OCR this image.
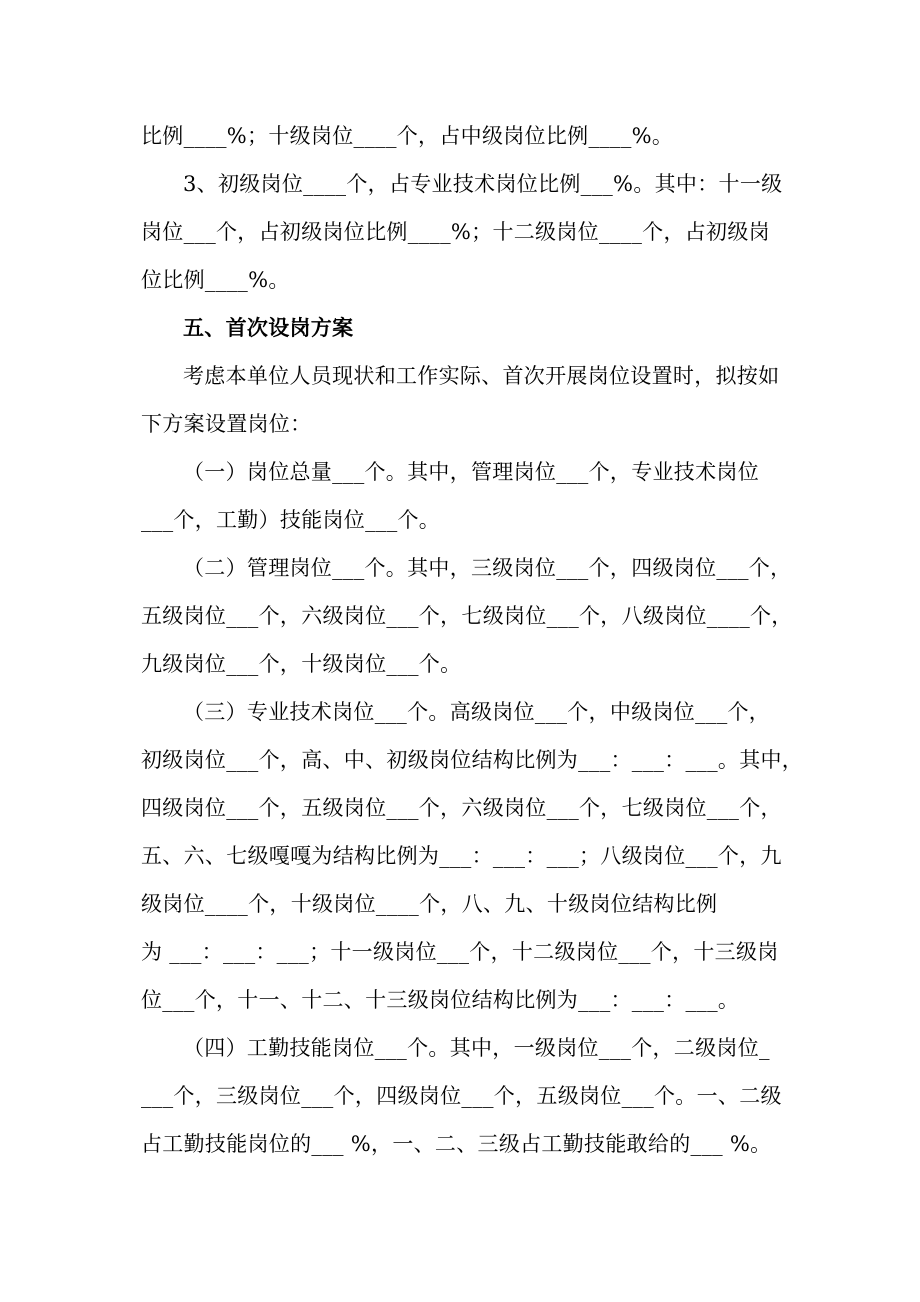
比例____%；十级岗位____个，占中级岗位比例____%。
3、初级岗位____个，占专业技术岗位比例___%。其中：十一级
岗位___个，占初级岗位比例____%；十二级岗位____个，占初级岗
位比例____%。
五、首次设岗方案
考虑本单位人员现状和工作实际、首次开展岗位设置时，拟按如
下方案设置岗位：
（一）岗位总量___个。其中，管理岗位___个，专业技术岗位
___个，工勤）技能岗位___个。
（二）管理岗位___个。其中，三级岗位___个，四级岗位___个，
五级岗位___个，六级岗位___个，七级岗位___个，八级岗位____个，
九级岗位___个，十级岗位___个。
（三）专业技术岗位___个。高级岗位___个，中级岗位___个，
初级岗位___个，高、中、初级岗位结构比例为___：___：___。其中，
四级岗位___个，五级岗位___个，六级岗位___个，七级岗位___个，
五、六、七级嘎嘎为结构比例为___：___：___；八级岗位___个，九
级岗位____个，十级岗位____个，八、九、十级岗位结构比例
为 ___：___：___；十一级岗位___个，十二级岗位___个，十三级岗
位___个，十一、十二、十三级岗位结构比例为___：___：___。
（四）工勤技能岗位___个。其中，一级岗位___个，二级岗位_
___个，三级岗位___个，四级岗位___个，五级岗位___个。一、二级
占工勤技能岗位的___ %，一、二、三级占工勤技能敢给的___ %。
